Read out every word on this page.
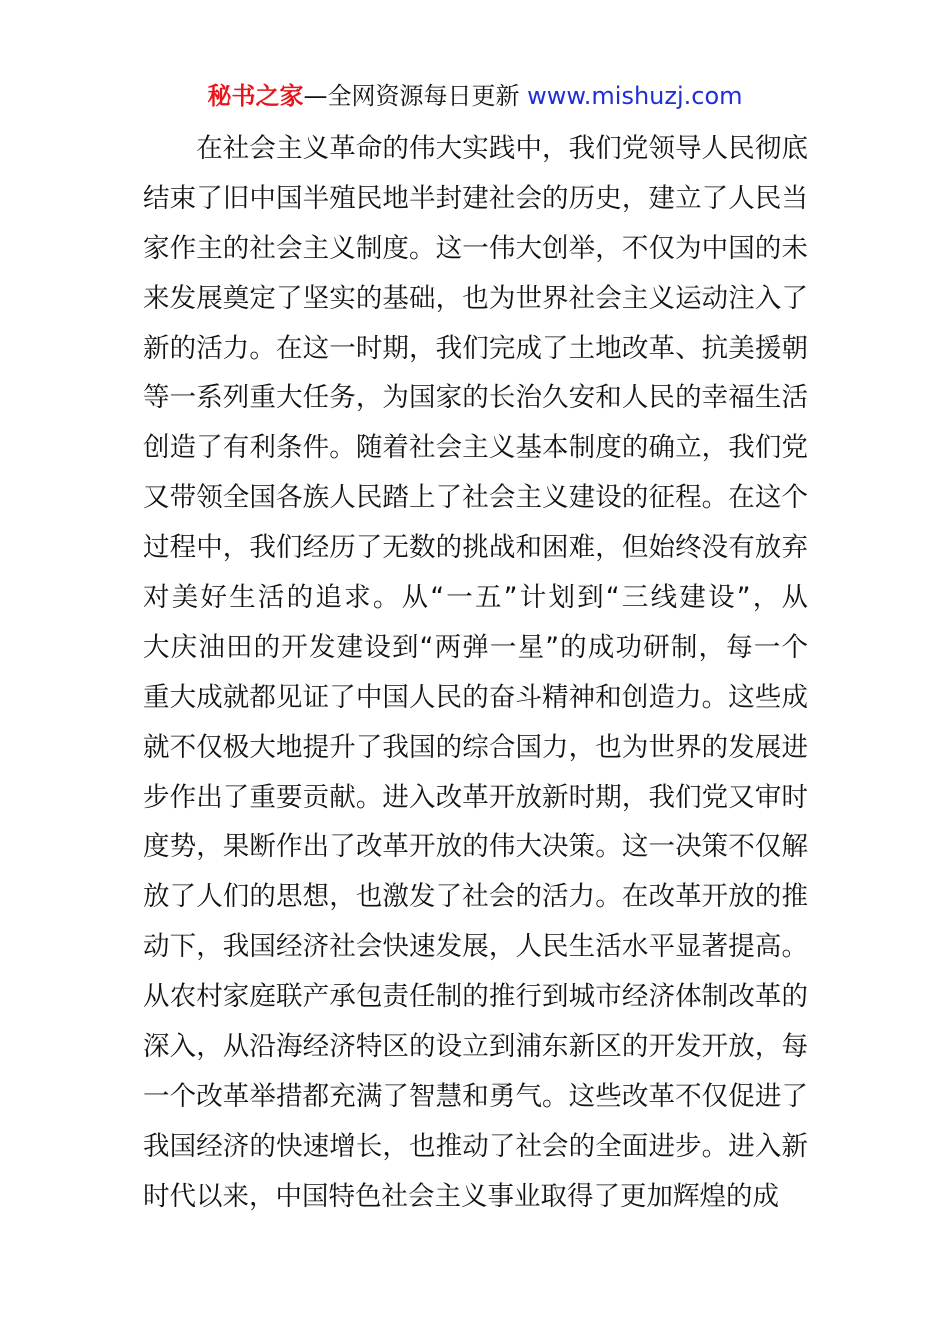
秘书之家—全网资源每日更新 www.mishuzj.com
　　在社会主义革命的伟大实践中，我们党领导人民彻底
结束了旧中国半殖民地半封建社会的历史，建立了人民当
家作主的社会主义制度。这一伟大创举，不仅为中国的未
来发展奠定了坚实的基础，也为世界社会主义运动注入了
新的活力。在这一时期，我们完成了土地改革、抗美援朝
等一系列重大任务，为国家的长治久安和人民的幸福生活
创造了有利条件。随着社会主义基本制度的确立，我们党
又带领全国各族人民踏上了社会主义建设的征程。在这个
过程中，我们经历了无数的挑战和困难，但始终没有放弃
对美好生活的追求。从“一五”计划到“三线建设”，从
大庆油田的开发建设到“两弹一星”的成功研制，每一个
重大成就都见证了中国人民的奋斗精神和创造力。这些成
就不仅极大地提升了我国的综合国力，也为世界的发展进
步作出了重要贡献。进入改革开放新时期，我们党又审时
度势，果断作出了改革开放的伟大决策。这一决策不仅解
放了人们的思想，也激发了社会的活力。在改革开放的推
动下，我国经济社会快速发展，人民生活水平显著提高。
从农村家庭联产承包责任制的推行到城市经济体制改革的
深入，从沿海经济特区的设立到浦东新区的开发开放，每
一个改革举措都充满了智慧和勇气。这些改革不仅促进了
我国经济的快速增长，也推动了社会的全面进步。进入新
时代以来，中国特色社会主义事业取得了更加辉煌的成
